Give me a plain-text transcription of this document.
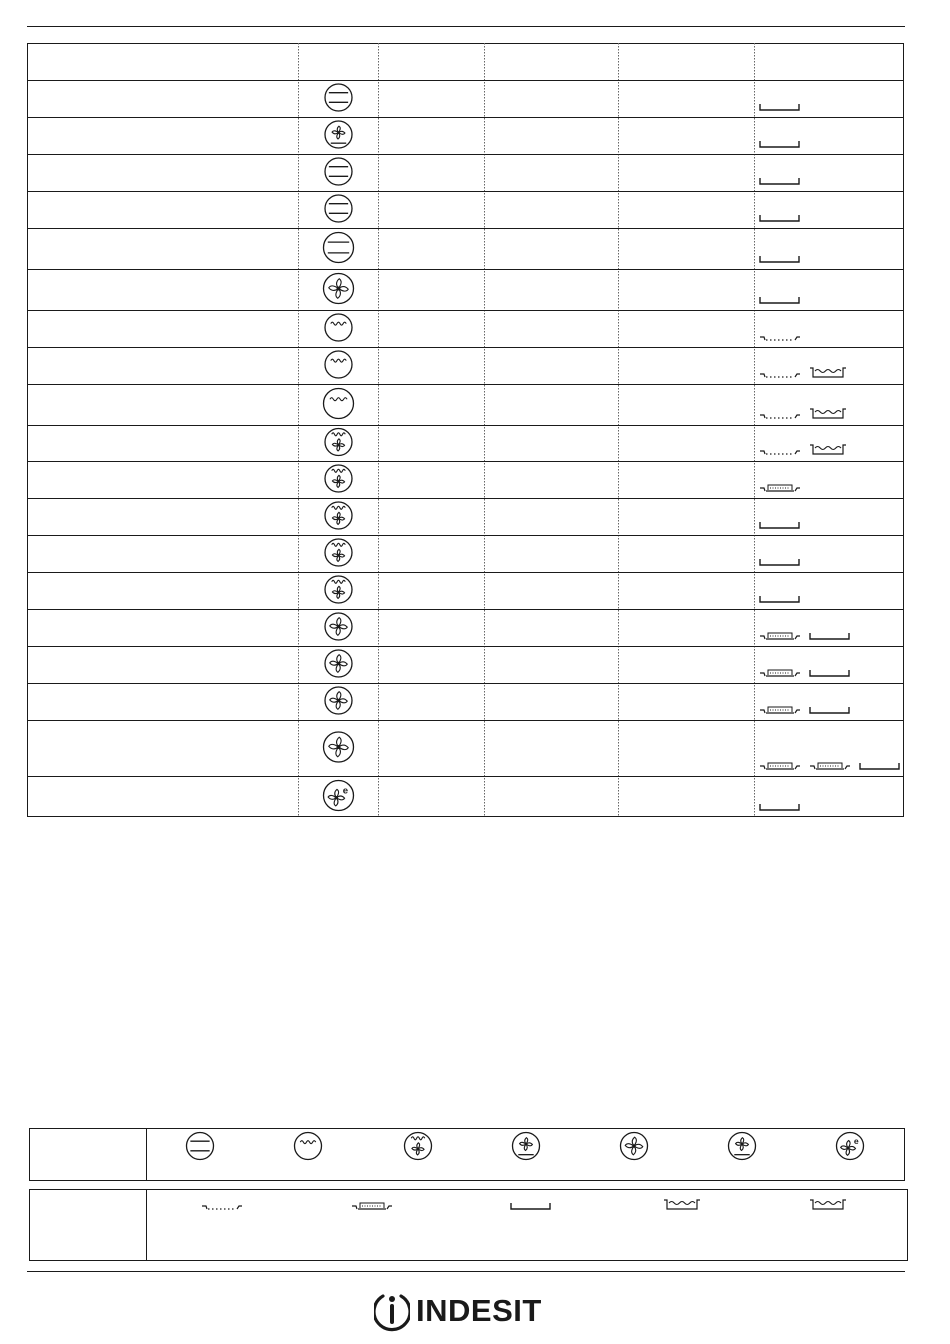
e
e
INDESIT
